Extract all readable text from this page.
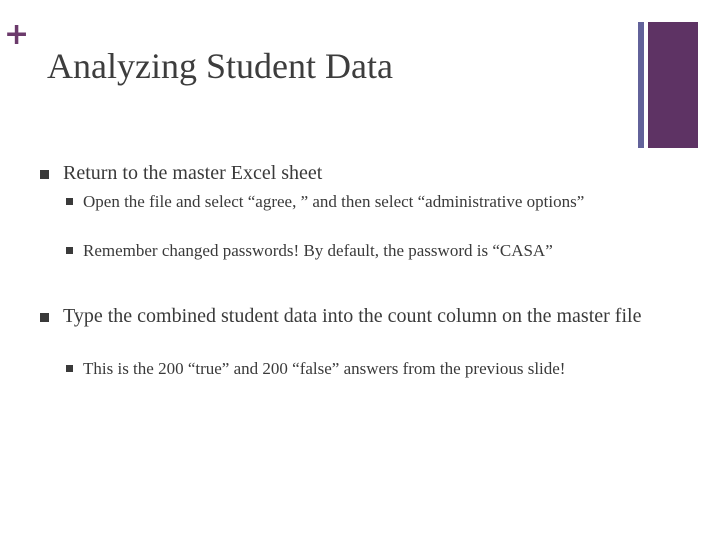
+
Analyzing Student Data
Return to the master Excel sheet
Open the file and select “agree, ” and then select “administrative options”
Remember changed passwords! By default, the password is “CASA”
Type the combined student data into the count column on the master file
This is the 200 “true” and 200 “false” answers from the previous slide!
